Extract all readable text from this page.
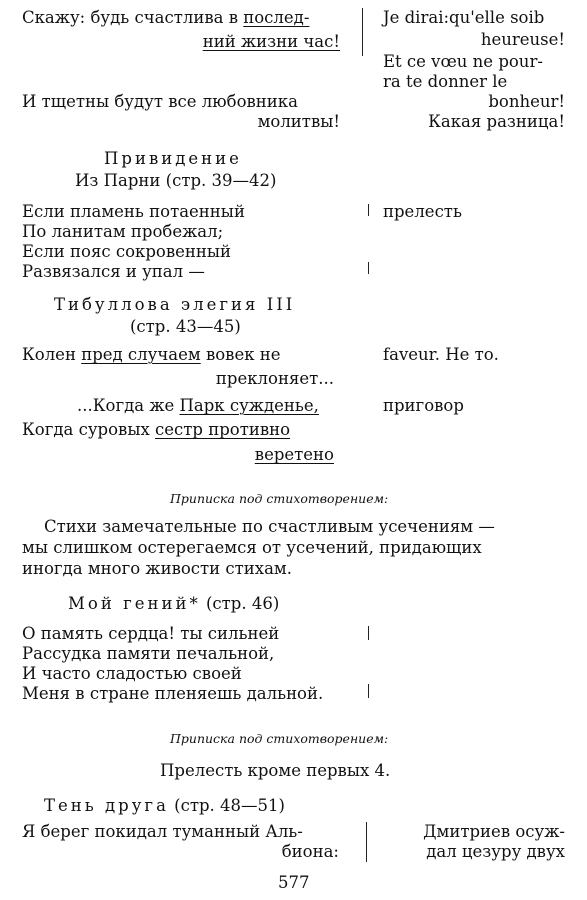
Скажу: будь счастлива в послед-
ний жизни час!
И тщетны будут все любовника
молитвы!
Je dirai:qu'elle soib
heureuse!
Et ce vœu ne pour-
ra te donner le
bonheur!
Какая разница!
Привидение
Из Парни (стр. 39—42)
Если пламень потаенный
По ланитам пробежал;
Если пояс сокровенный
Развязался и упал —
прелесть
Тибуллова элегия III
(стр. 43—45)
Колен пред случаем вовек не
преклоняет...
...Когда же Парк сужденье,
Когда суровых сестр противно
веретено
faveur. Не то.
приговор
Приписка под стихотворением:
Стихи замечательные по счастливым усечениям —
мы слишком остерегаемся от усечений, придающих
иногда много живости стихам.
Мой гений* (стр. 46)
О память сердца! ты сильней
Рассудка памяти печальной,
И часто сладостью своей
Меня в стране пленяешь дальной.
Приписка под стихотворением:
Прелесть кроме первых 4.
Тень друга (стр. 48—51)
Я берег покидал туманный Аль-
биона:
Дмитриев осуж-
дал цезуру двух
577
